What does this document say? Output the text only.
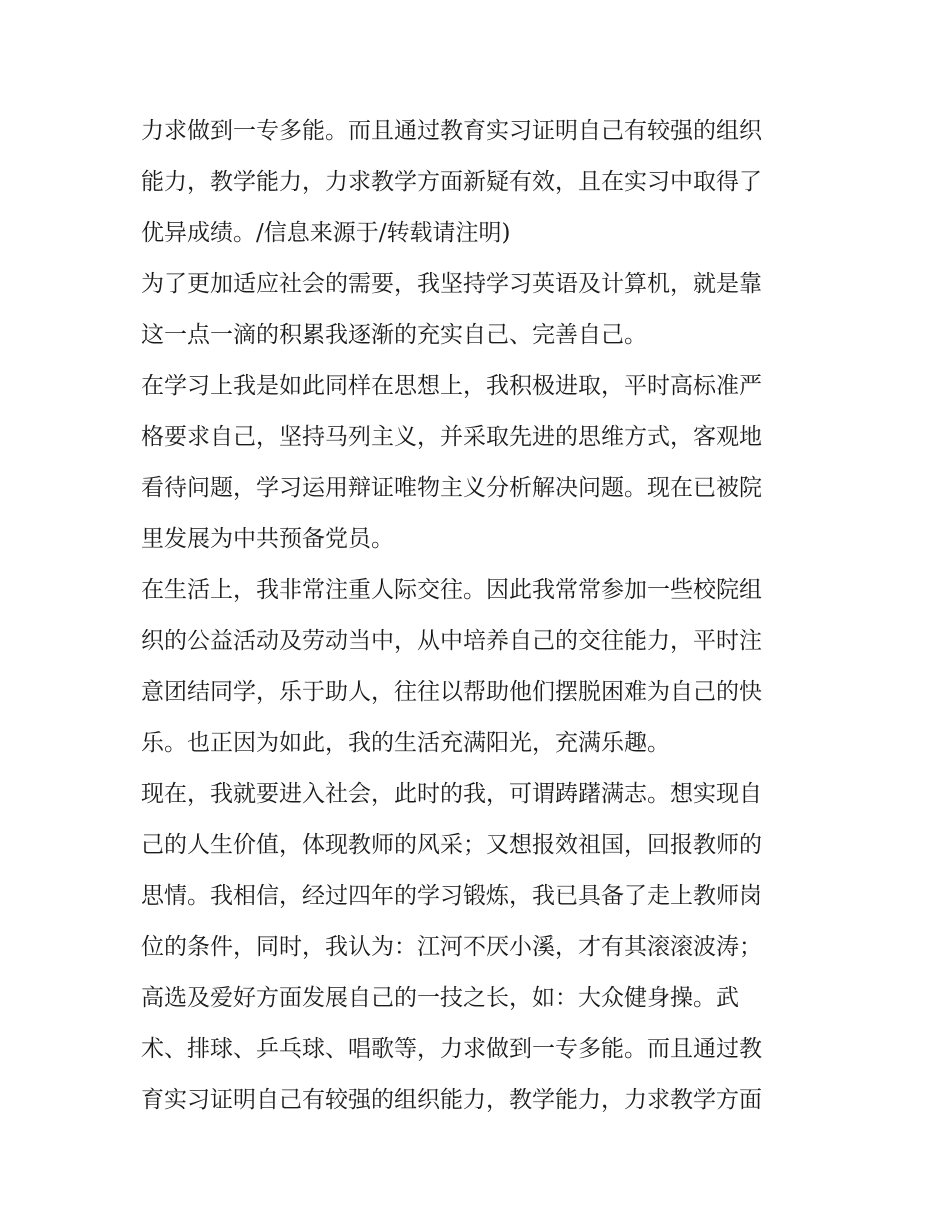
力求做到一专多能。而且通过教育实习证明自己有较强的组织
能力，教学能力，力求教学方面新疑有效，且在实习中取得了
优异成绩。/信息来源于/转载请注明)
为了更加适应社会的需要，我坚持学习英语及计算机，就是靠
这一点一滴的积累我逐渐的充实自己、完善自己。
在学习上我是如此同样在思想上，我积极进取，平时高标准严
格要求自己，坚持马列主义，并采取先进的思维方式，客观地
看待问题，学习运用辩证唯物主义分析解决问题。现在已被院
里发展为中共预备党员。
在生活上，我非常注重人际交往。因此我常常参加一些校院组
织的公益活动及劳动当中，从中培养自己的交往能力，平时注
意团结同学，乐于助人，往往以帮助他们摆脱困难为自己的快
乐。也正因为如此，我的生活充满阳光，充满乐趣。
现在，我就要进入社会，此时的我，可谓踌躇满志。想实现自
己的人生价值，体现教师的风采；又想报效祖国，回报教师的
思情。我相信，经过四年的学习锻炼，我已具备了走上教师岗
位的条件，同时，我认为：江河不厌小溪，才有其滚滚波涛；
高选及爱好方面发展自己的一技之长，如：大众健身操。武
术、排球、乒乓球、唱歌等，力求做到一专多能。而且通过教
育实习证明自己有较强的组织能力，教学能力，力求教学方面
